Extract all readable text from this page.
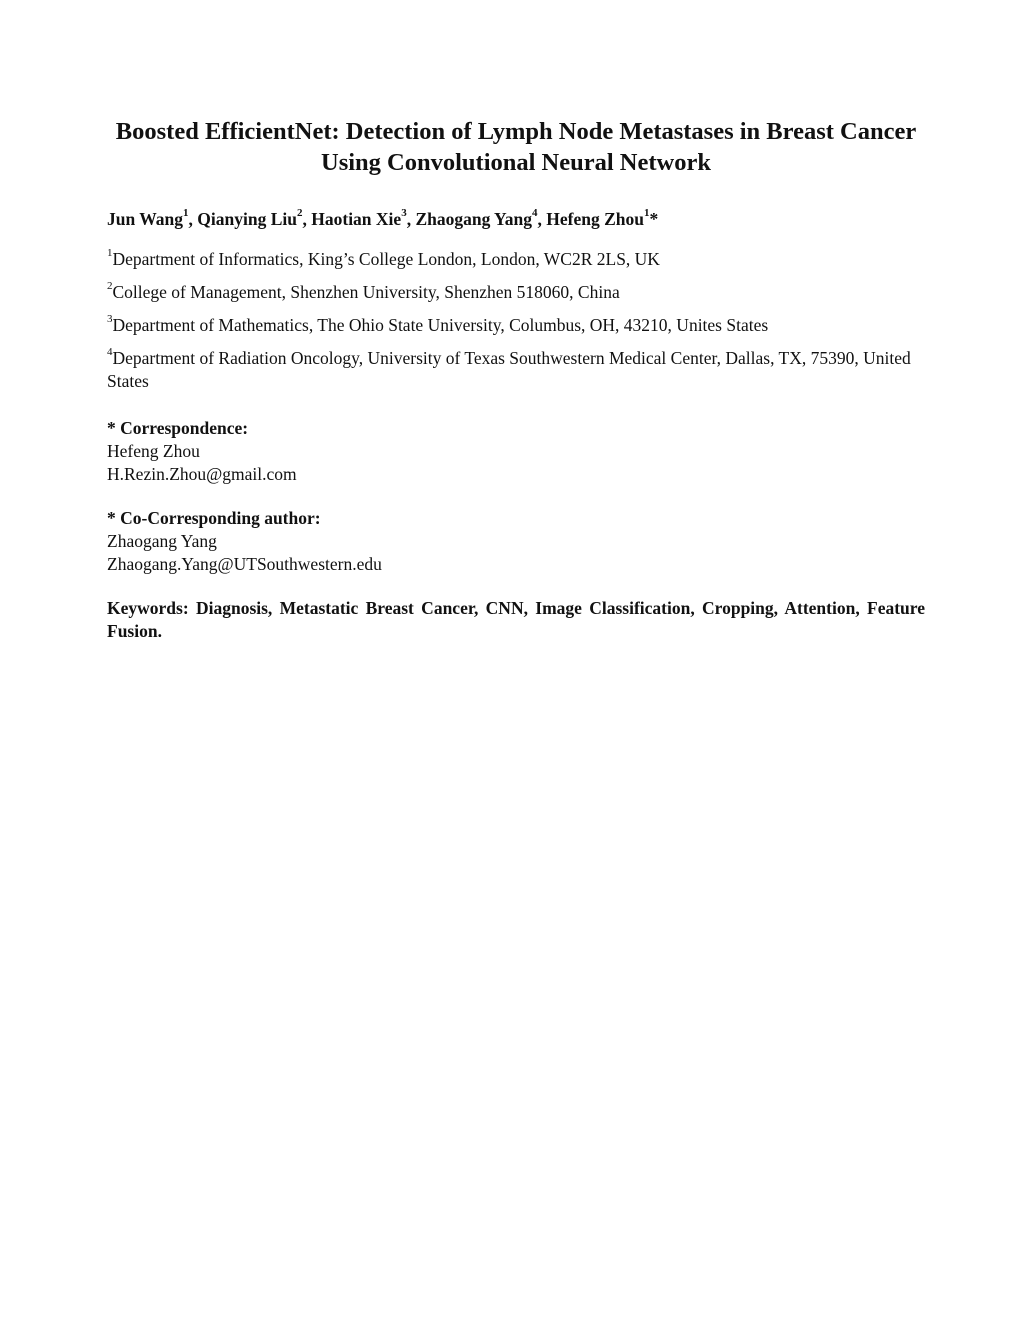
Boosted EfficientNet: Detection of Lymph Node Metastases in Breast Cancer Using Convolutional Neural Network
Jun Wang$^1$, Qianying Liu$^2$, Haotian Xie$^3$, Zhaogang Yang$^4$, Hefeng Zhou$^1$*
$^1$Department of Informatics, King’s College London, London, WC2R 2LS, UK
$^2$College of Management, Shenzhen University, Shenzhen 518060, China
$^3$Department of Mathematics, The Ohio State University, Columbus, OH, 43210, Unites States
$^4$Department of Radiation Oncology, University of Texas Southwestern Medical Center, Dallas, TX, 75390, United States
* Correspondence:
Hefeng Zhou
H.Rezin.Zhou@gmail.com
* Co-Corresponding author:
Zhaogang Yang
Zhaogang.Yang@UTSouthwestern.edu
Keywords: Diagnosis, Metastatic Breast Cancer, CNN, Image Classification, Cropping, Attention, Feature Fusion.
